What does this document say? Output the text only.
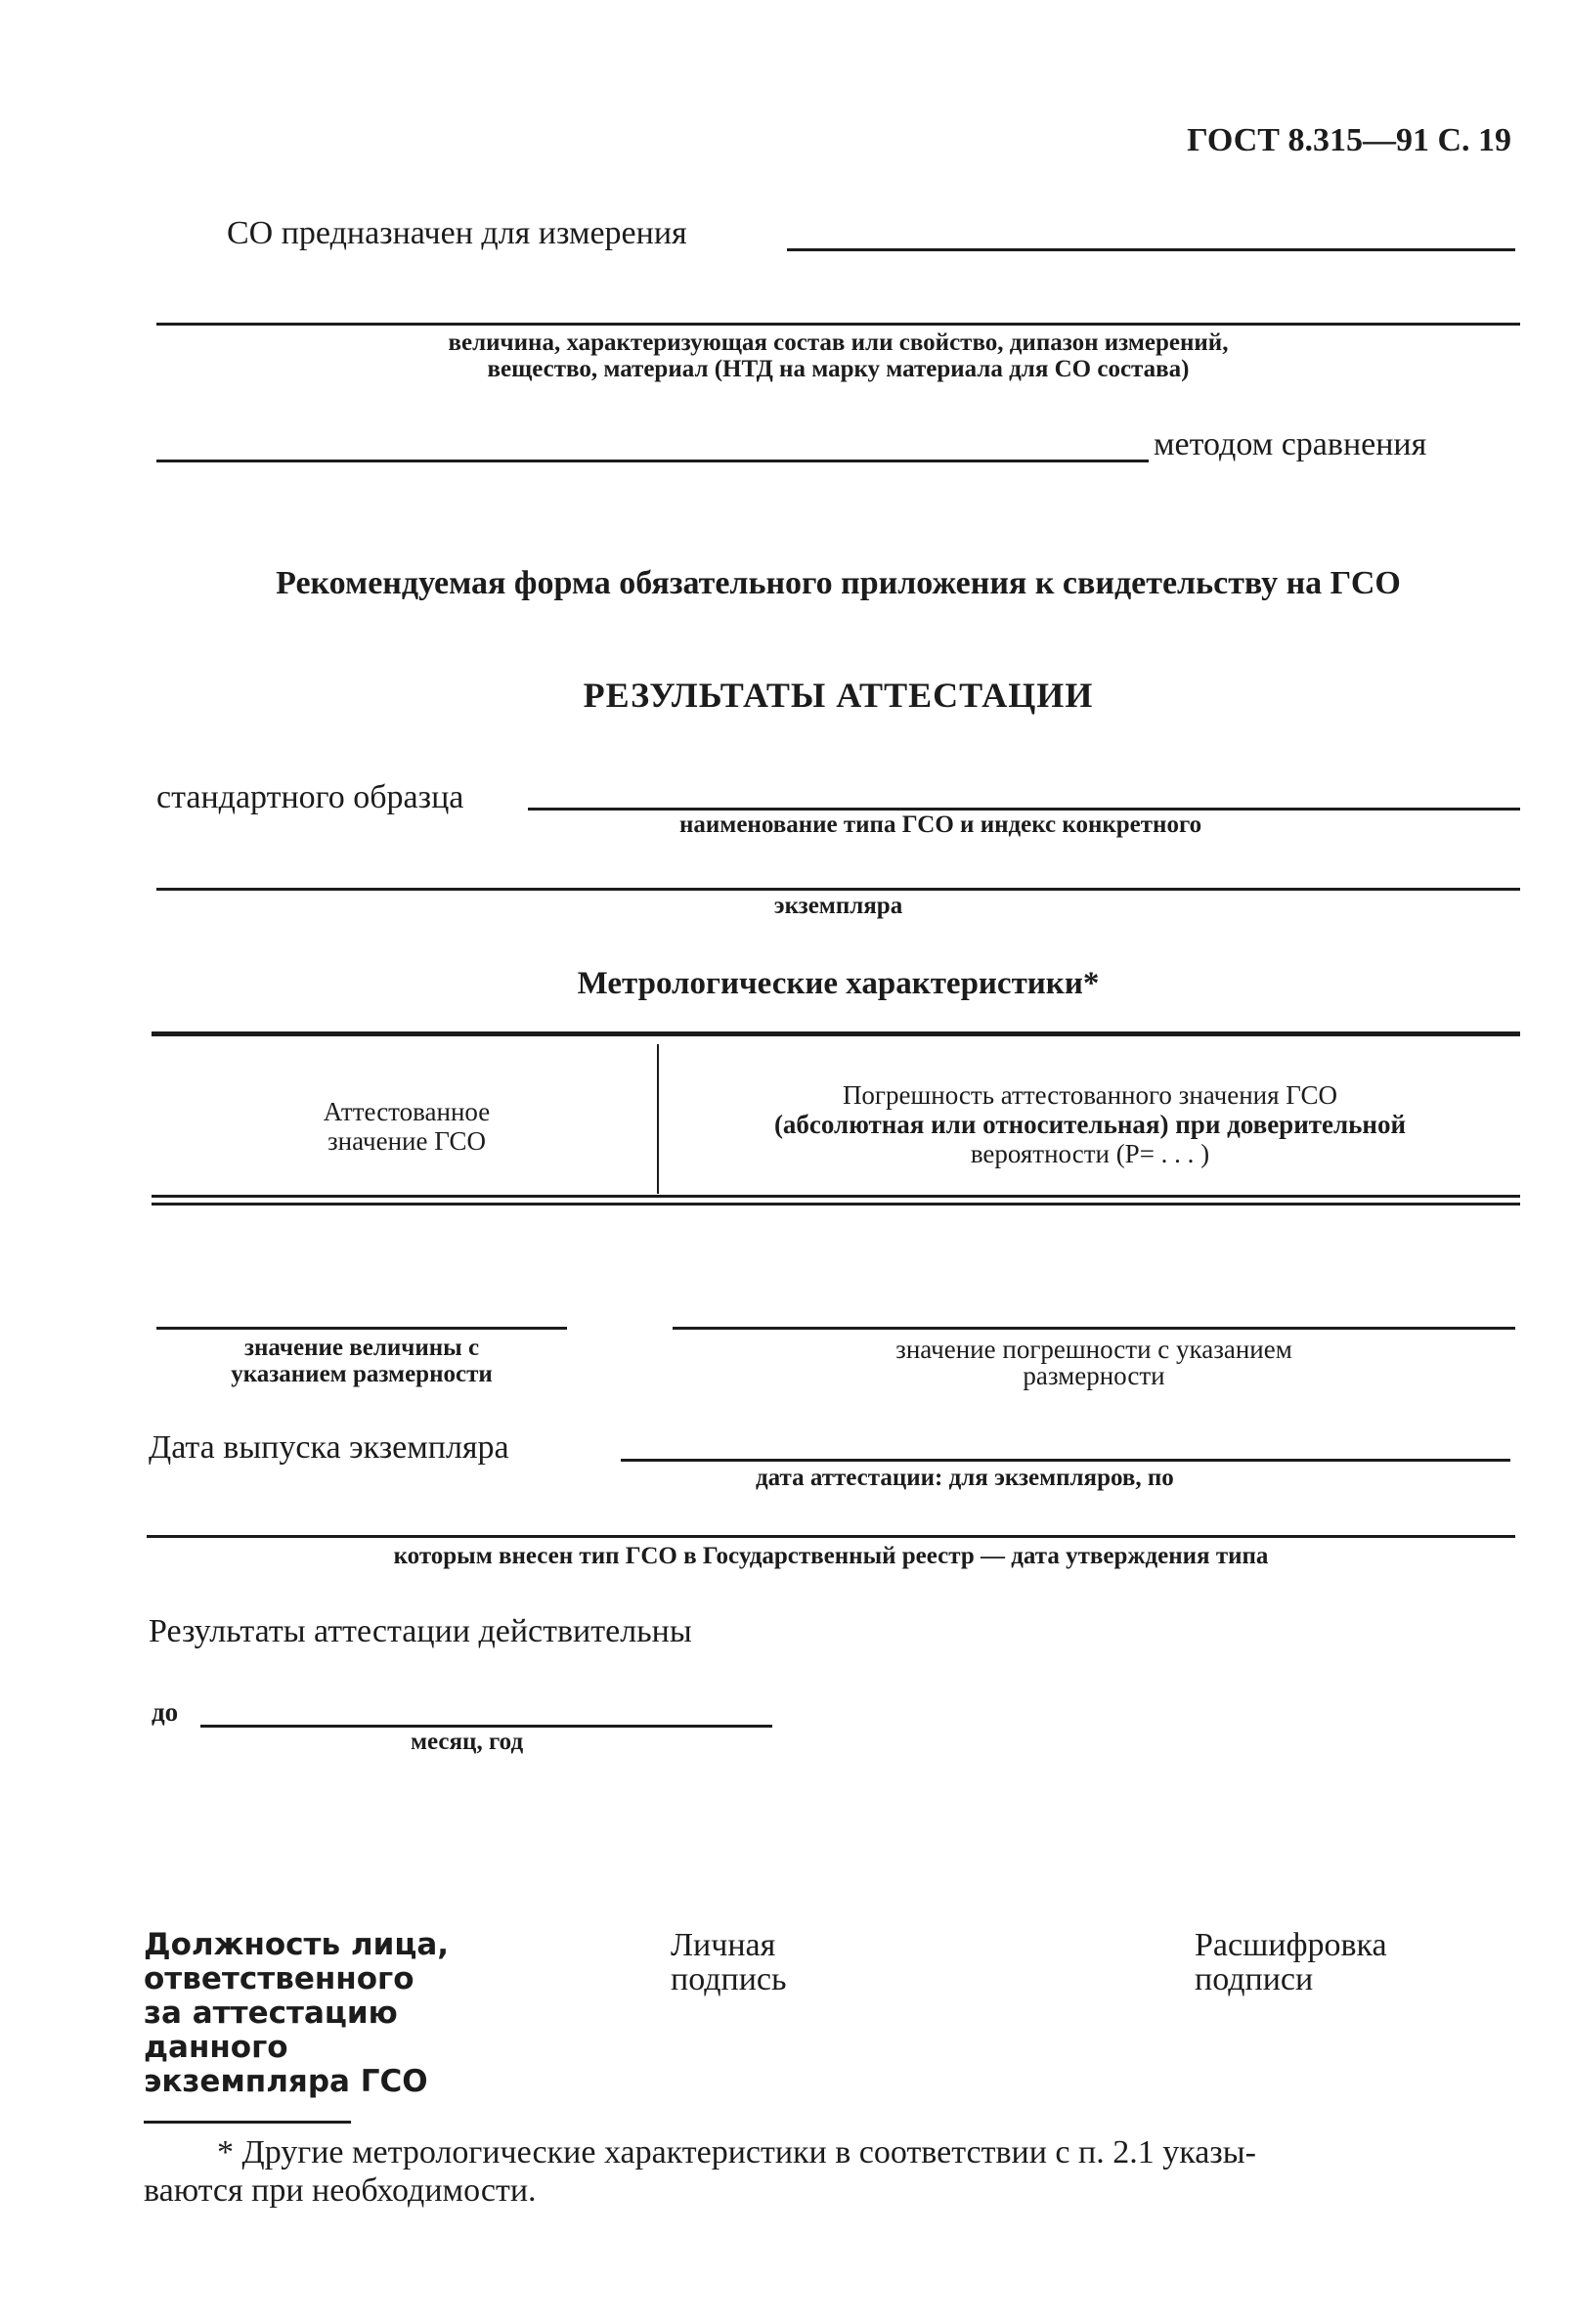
ГОСТ 8.315—91 С. 19
СО предназначен для измерения
величина, характеризующая состав или свойство, дипазон измерений,
вещество, материал (НТД на марку материала для СО состава)
методом сравнения
Рекомендуемая форма обязательного приложения к свидетельству на ГСО
РЕЗУЛЬТАТЫ АТТЕСТАЦИИ
стандартного образца
наименование типа ГСО и индекс конкретного
экземпляра
Метрологические характеристики*
Аттестованное
значение ГСО
Погрешность аттестованного значения ГСО
(абсолютная или относительная) при доверительной
вероятности (Р= . . . )
значение величины с
указанием размерности
значение погрешности с указанием
размерности
Дата выпуска экземпляра
дата аттестации: для экземпляров, по
которым внесен тип ГСО в Государственный реестр — дата утверждения типа
Результаты аттестации действительны
до
месяц, год
Должность лица,
ответственного
за аттестацию
данного
экземпляра ГСО
Личная
подпись
Расшифровка
подписи
* Другие метрологические характеристики в соответствии с п. 2.1 указы-
ваются при необходимости.
